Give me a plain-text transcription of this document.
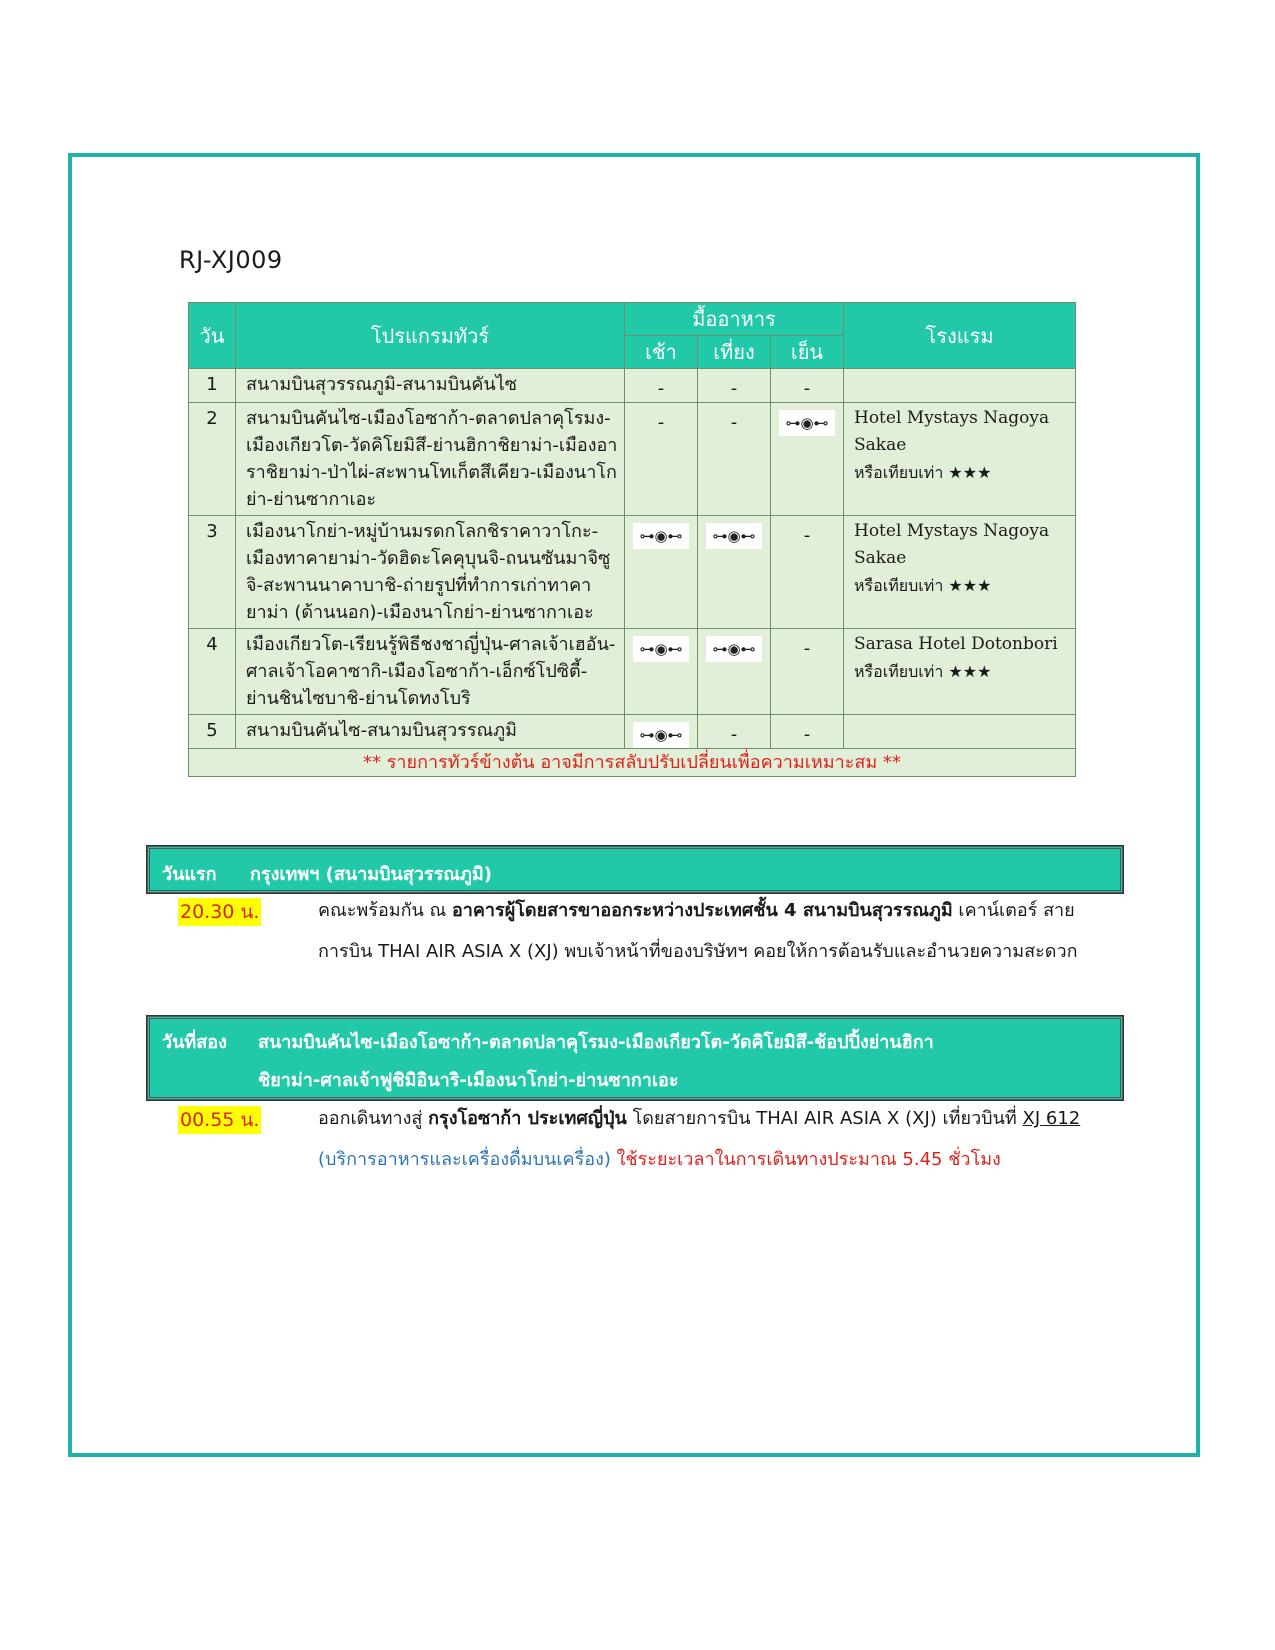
RJ-XJ009
วัน	โปรแกรมทัวร์	มื้ออาหาร			โรงแรม
		เช้า	เที่ยง	เย็น	
1	สนามบินสุวรรณภูมิ-สนามบินคันไซ	-	-	-	

2	สนามบินคันไซ-เมืองโอซาก้า-ตลาดปลาคุโรมง-เมืองเกียวโต-วัดคิโยมิสึ-ย่านฮิกาชิยาม่า-เมืองอาราชิยาม่า-ป่าไผ่-สะพานโทเก็ตสึเคียว-เมืองนาโกย่า-ย่านซากาเอะ	-	-	⊶◉⊷	Hotel Mystays Nagoya Sakae
หรือเทียบเท่า ★★★

3	เมืองนาโกย่า-หมู่บ้านมรดกโลกชิราคาวาโกะ-เมืองทาคายาม่า-วัดฮิดะโคคุบุนจิ-ถนนซันมาจิซูจิ-สะพานนาคาบาชิ-ถ่ายรูปที่ทำการเก่าทาคายาม่า (ด้านนอก)-เมืองนาโกย่า-ย่านซากาเอะ	⊶◉⊷	⊶◉⊷	-	Hotel Mystays Nagoya Sakae
หรือเทียบเท่า ★★★

4	เมืองเกียวโต-เรียนรู้พิธีชงชาญี่ปุ่น-ศาลเจ้าเฮอัน-ศาลเจ้าโอคาซากิ-เมืองโอซาก้า-เอ็กซ์โปซิตี้-ย่านชินไซบาชิ-ย่านโดทงโบริ	⊶◉⊷	⊶◉⊷	-	Sarasa Hotel Dotonbori
หรือเทียบเท่า ★★★

5	สนามบินคันไซ-สนามบินสุวรรณภูมิ	⊶◉⊷	-	-	

** รายการทัวร์ข้างต้น อาจมีการสลับปรับเปลี่ยนเพื่อความเหมาะสม **					
วันแรก กรุงเทพฯ (สนามบินสุวรรณภูมิ)
20.30 น.	คณะพร้อมกัน ณ อาคารผู้โดยสารขาออกระหว่างประเทศชั้น 4 สนามบินสุวรรณภูมิ เคาน์เตอร์ สายการบิน THAI AIR ASIA X (XJ) พบเจ้าหน้าที่ของบริษัทฯ คอยให้การต้อนรับและอำนวยความสะดวก
วันที่สอง สนามบินคันไซ-เมืองโอซาก้า-ตลาดปลาคุโรมง-เมืองเกียวโต-วัดคิโยมิสึ-ช้อปปิ้งย่านฮิกา
ชิยาม่า-ศาลเจ้าฟูชิมิอินาริ-เมืองนาโกย่า-ย่านซากาเอะ
00.55 น.	ออกเดินทางสู่ กรุงโอซาก้า ประเทศญี่ปุ่น โดยสายการบิน THAI AIR ASIA X (XJ) เที่ยวบินที่ XJ 612 (บริการอาหารและเครื่องดื่มบนเครื่อง) ใช้ระยะเวลาในการเดินทางประมาณ 5.45 ชั่วโมง
